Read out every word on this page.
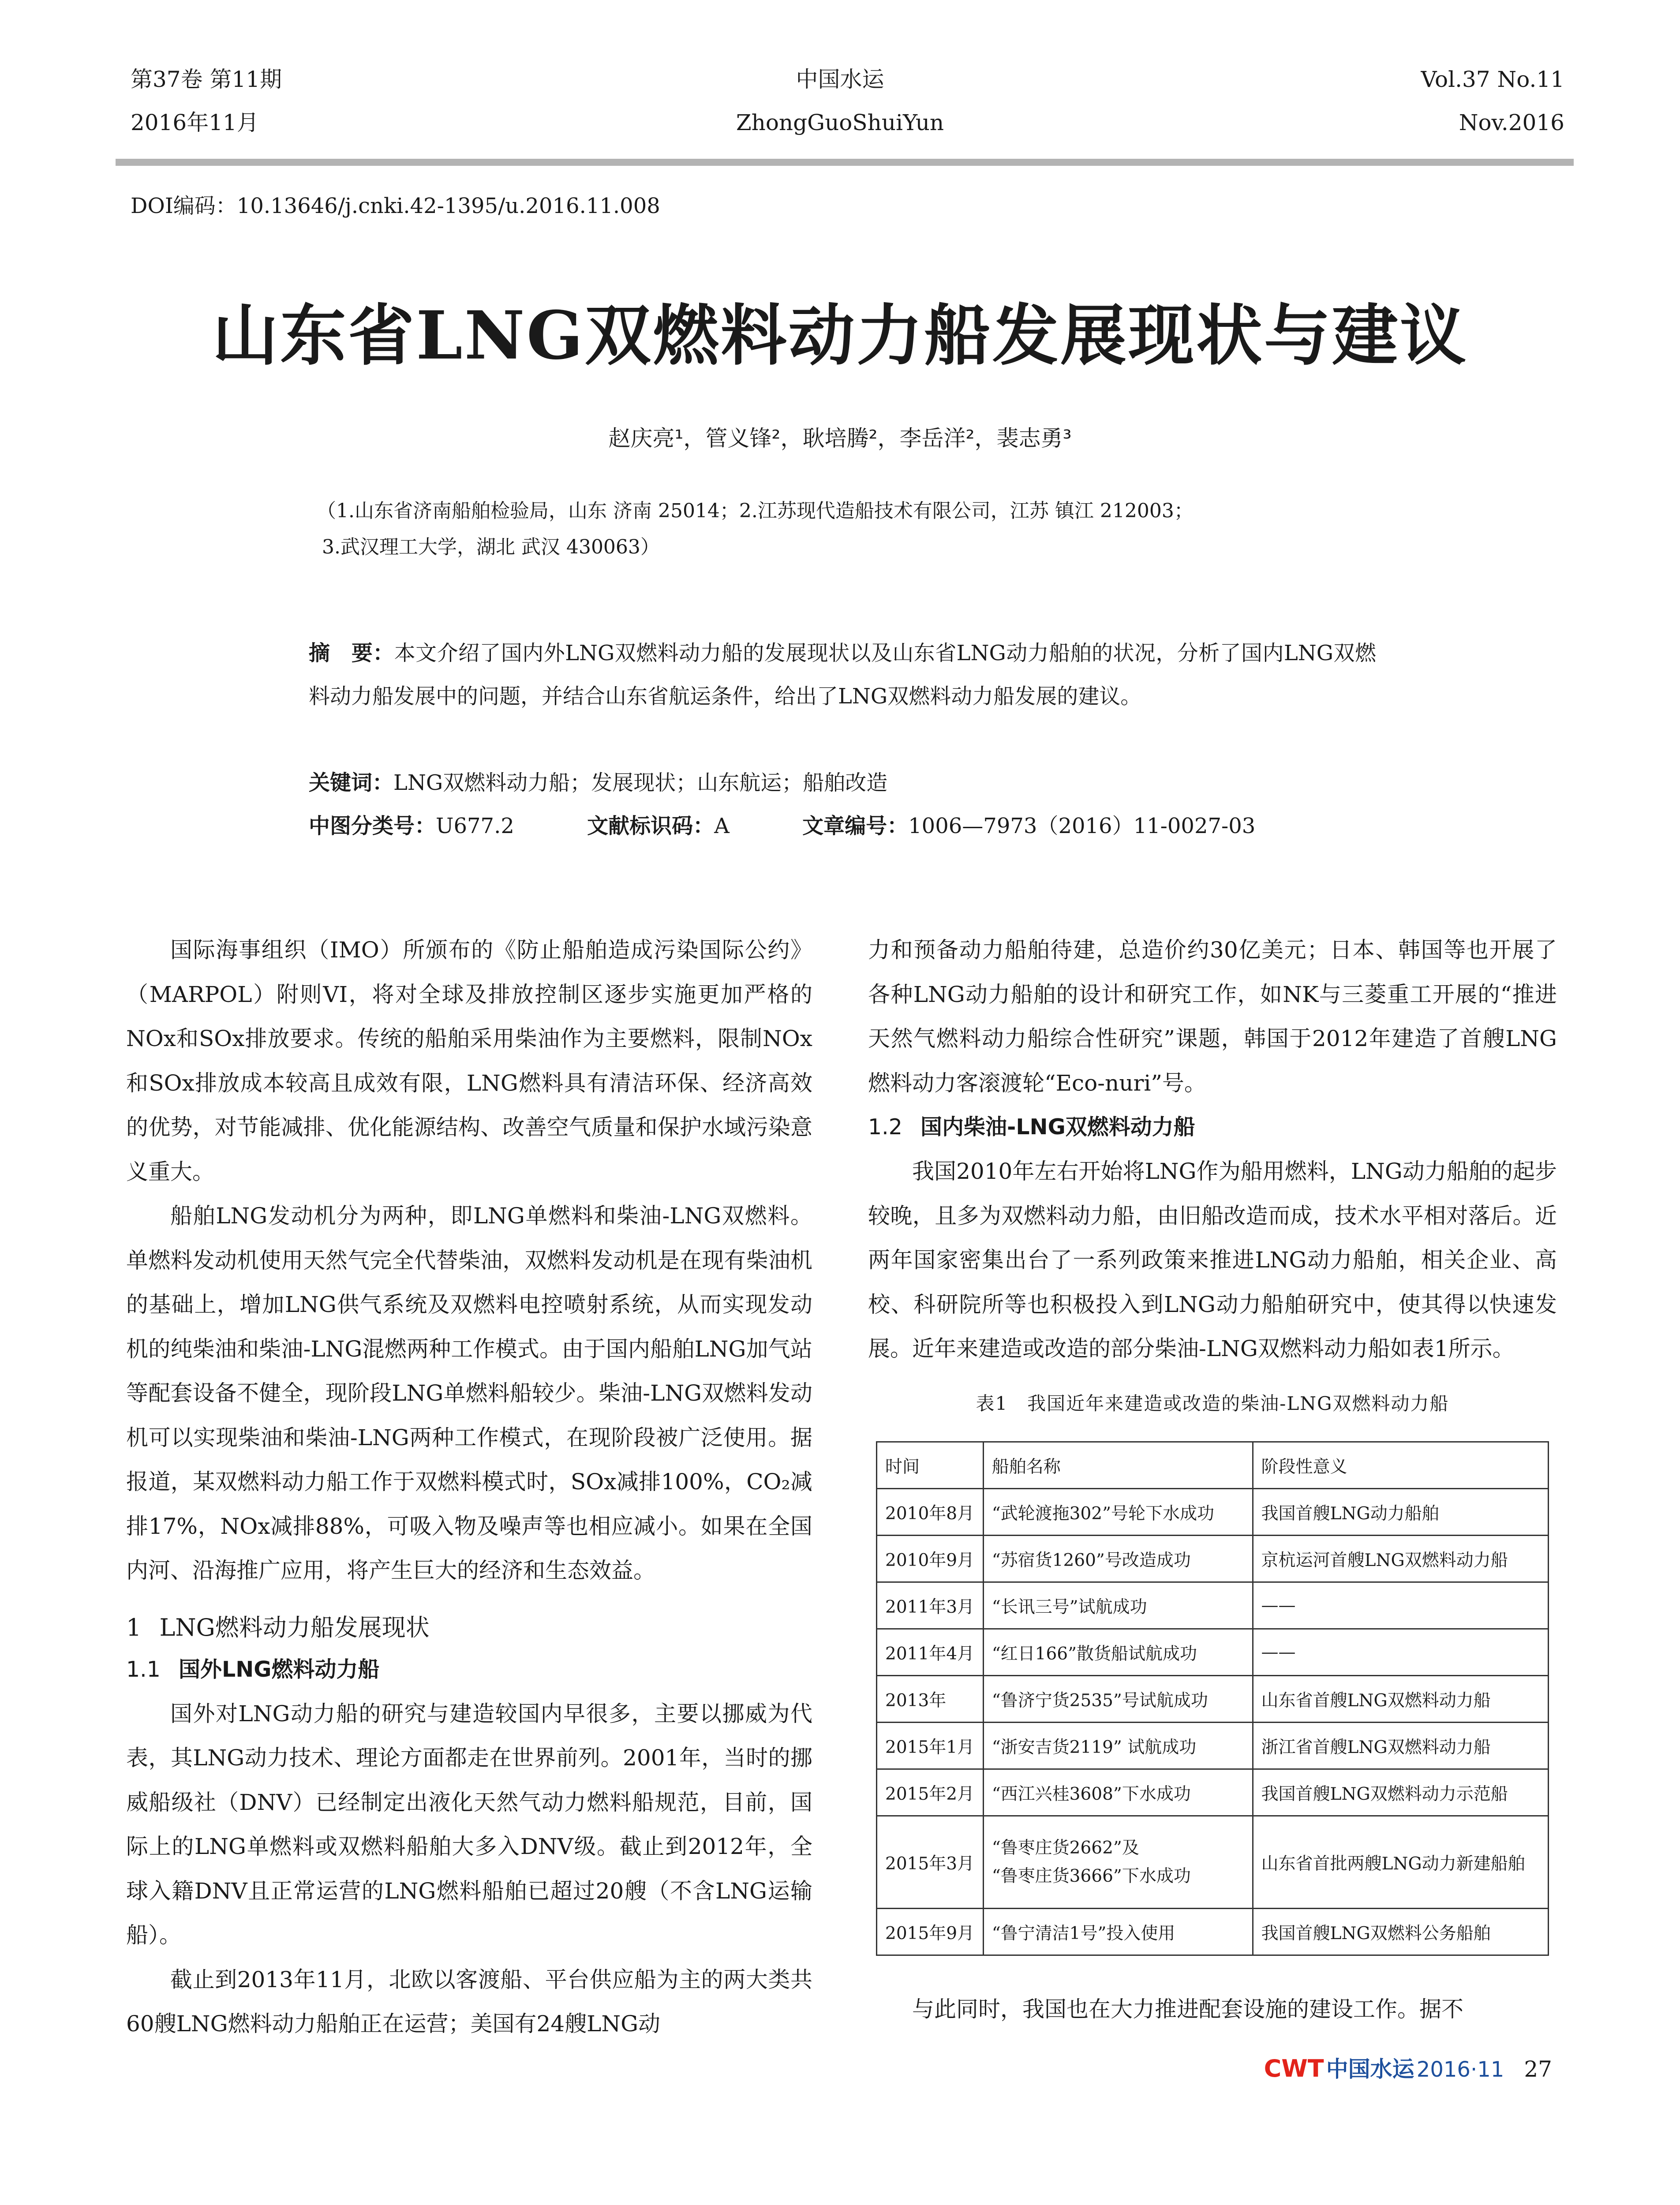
第37卷 第11期
2016年11月
中国水运
ZhongGuoShuiYun
Vol.37 No.11
Nov.2016
DOI编码：10.13646/j.cnki.42-1395/u.2016.11.008
山东省LNG双燃料动力船发展现状与建议
赵庆亮¹，管义锋²，耿培腾²，李岳洋²，裴志勇³
（1.山东省济南船舶检验局，山东 济南 25014；2.江苏现代造船技术有限公司，江苏 镇江 212003；
3.武汉理工大学，湖北 武汉 430063）
摘　要：本文介绍了国内外LNG双燃料动力船的发展现状以及山东省LNG动力船舶的状况，分析了国内LNG双燃料动力船发展中的问题，并结合山东省航运条件，给出了LNG双燃料动力船发展的建议。
关键词：LNG双燃料动力船；发展现状；山东航运；船舶改造
中图分类号：U677.2	文献标识码：A	文章编号：1006—7973（2016）11-0027-03

国际海事组织（IMO）所颁布的《防止船舶造成污染国际公约》（MARPOL）附则VI，将对全球及排放控制区逐步实施更加严格的NOx和SOx排放要求。传统的船舶采用柴油作为主要燃料，限制NOx和SOx排放成本较高且成效有限，LNG燃料具有清洁环保、经济高效的优势，对节能减排、优化能源结构、改善空气质量和保护水域污染意义重大。

船舶LNG发动机分为两种，即LNG单燃料和柴油-LNG双燃料。单燃料发动机使用天然气完全代替柴油，双燃料发动机是在现有柴油机的基础上，增加LNG供气系统及双燃料电控喷射系统，从而实现发动机的纯柴油和柴油-LNG混燃两种工作模式。由于国内船舶LNG加气站等配套设备不健全，现阶段LNG单燃料船较少。柴油-LNG双燃料发动机可以实现柴油和柴油-LNG两种工作模式，在现阶段被广泛使用。据报道，某双燃料动力船工作于双燃料模式时，SOx减排100%，CO₂减排17%，NOx减排88%，可吸入物及噪声等也相应减小。如果在全国内河、沿海推广应用，将产生巨大的经济和生态效益。

1 LNG燃料动力船发展现状
1.1 国外LNG燃料动力船

国外对LNG动力船的研究与建造较国内早很多，主要以挪威为代表，其LNG动力技术、理论方面都走在世界前列。2001年，当时的挪威船级社（DNV）已经制定出液化天然气动力燃料船规范，目前，国际上的LNG单燃料或双燃料船舶大多入DNV级。截止到2012年，全球入籍DNV且正常运营的LNG燃料船舶已超过20艘（不含LNG运输船）。

截止到2013年11月，北欧以客渡船、平台供应船为主的两大类共60艘LNG燃料动力船舶正在运营；美国有24艘LNG动

力和预备动力船舶待建，总造价约30亿美元；日本、韩国等也开展了各种LNG动力船舶的设计和研究工作，如NK与三菱重工开展的“推进天然气燃料动力船综合性研究”课题，韩国于2012年建造了首艘LNG燃料动力客滚渡轮“Eco-nuri”号。

1.2 国内柴油-LNG双燃料动力船

我国2010年左右开始将LNG作为船用燃料，LNG动力船舶的起步较晚，且多为双燃料动力船，由旧船改造而成，技术水平相对落后。近两年国家密集出台了一系列政策来推进LNG动力船舶，相关企业、高校、科研院所等也积极投入到LNG动力船舶研究中，使其得以快速发展。近年来建造或改造的部分柴油-LNG双燃料动力船如表1所示。

表1　我国近年来建造或改造的柴油-LNG双燃料动力船
时间	船舶名称	阶段性意义
2010年8月	“武轮渡拖302”号轮下水成功	我国首艘LNG动力船舶
2010年9月	“苏宿货1260”号改造成功	京杭运河首艘LNG双燃料动力船
2011年3月	“长讯三号”试航成功	——
2011年4月	“红日166”散货船试航成功	——
2013年	“鲁济宁货2535”号试航成功	山东省首艘LNG双燃料动力船
2015年1月	“浙安吉货2119” 试航成功	浙江省首艘LNG双燃料动力船
2015年2月	“西江兴桂3608”下水成功	我国首艘LNG双燃料动力示范船
2015年3月	“鲁枣庄货2662”及
“鲁枣庄货3666”下水成功	山东省首批两艘LNG动力新建船舶
2015年9月	“鲁宁清洁1号”投入使用	我国首艘LNG双燃料公务船舶

与此同时，我国也在大力推进配套设施的建设工作。据不

CWT 中国水运 2016·11 27
